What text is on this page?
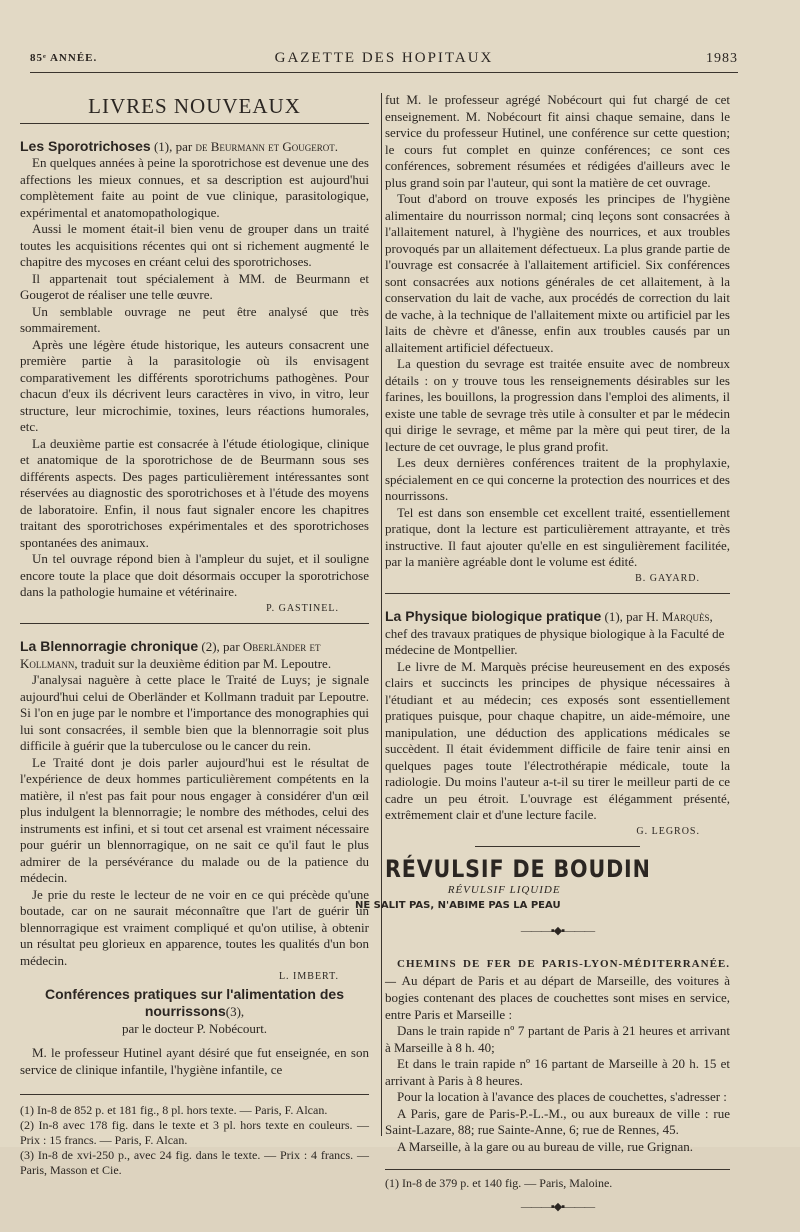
85ᵉ ANNÉE.	GAZETTE DES HOPITAUX	1983
LIVRES NOUVEAUX

Les Sporotrichoses (1), par de Beurmann et Gougerot.

En quelques années à peine la sporotrichose est devenue une des affections les mieux connues, et sa description est aujourd'hui complètement faite au point de vue clinique, parasitologique, expérimental et anatomopathologique.

Aussi le moment était-il bien venu de grouper dans un traité toutes les acquisitions récentes qui ont si richement augmenté le chapitre des mycoses en créant celui des sporotrichoses.

Il appartenait tout spécialement à MM. de Beurmann et Gougerot de réaliser une telle œuvre.

Un semblable ouvrage ne peut être analysé que très sommairement.

Après une légère étude historique, les auteurs consacrent une première partie à la parasitologie où ils envisagent comparativement les différents sporotrichums pathogènes. Pour chacun d'eux ils décrivent leurs caractères in vivo, in vitro, leur structure, leur microchimie, toxines, leurs réactions humorales, etc.

La deuxième partie est consacrée à l'étude étiologique, clinique et anatomique de la sporotrichose de de Beurmann sous ses différents aspects. Des pages particulièrement intéressantes sont réservées au diagnostic des sporotrichoses et à l'étude des moyens de laboratoire. Enfin, il nous faut signaler encore les chapitres traitant des sporotrichoses expérimentales et des sporotrichoses spontanées des animaux.

Un tel ouvrage répond bien à l'ampleur du sujet, et il souligne encore toute la place que doit désormais occuper la sporotrichose dans la pathologie humaine et vétérinaire.

P. GASTINEL.

La Blennorragie chronique (2), par Oberländer et Kollmann, traduit sur la deuxième édition par M. Lepoutre.

J'analysai naguère à cette place le Traité de Luys; je signale aujourd'hui celui de Oberländer et Kollmann traduit par Lepoutre. Si l'on en juge par le nombre et l'importance des monographies qui lui sont consacrées, il semble bien que la blennorragie soit plus difficile à guérir que la tuberculose ou le cancer du rein.

Le Traité dont je dois parler aujourd'hui est le résultat de l'expérience de deux hommes particulièrement compétents en la matière, il n'est pas fait pour nous engager à considérer d'un œil plus indulgent la blennorragie; le nombre des méthodes, celui des instruments est infini, et si tout cet arsenal est vraiment nécessaire pour guérir un blennorragique, on ne sait ce qu'il faut le plus admirer de la persévérance du malade ou de la patience du médecin.

Je prie du reste le lecteur de ne voir en ce qui précède qu'une boutade, car on ne saurait méconnaître que l'art de guérir un blennorragique est vraiment compliqué et qu'on utilise, à obtenir un résultat peu glorieux en apparence, toutes les qualités d'un bon médecin.

L. IMBERT.

Conférences pratiques sur l'alimentation des nourrissons(3),
par le docteur P. Nobécourt.

M. le professeur Hutinel ayant désiré que fut enseignée, en son service de clinique infantile, l'hygiène infantile, ce

(1) In-8 de 852 p. et 181 fig., 8 pl. hors texte. — Paris, F. Alcan.

(2) In-8 avec 178 fig. dans le texte et 3 pl. hors texte en couleurs. — Prix : 15 francs. — Paris, F. Alcan.

(3) In-8 de xvi-250 p., avec 24 fig. dans le texte. — Prix : 4 francs. — Paris, Masson et Cie.

fut M. le professeur agrégé Nobécourt qui fut chargé de cet enseignement. M. Nobécourt fit ainsi chaque semaine, dans le service du professeur Hutinel, une conférence sur cette question; le cours fut complet en quinze conférences; ce sont ces conférences, sobrement résumées et rédigées d'ailleurs avec le plus grand soin par l'auteur, qui sont la matière de cet ouvrage.

Tout d'abord on trouve exposés les principes de l'hygiène alimentaire du nourrisson normal; cinq leçons sont consacrées à l'allaitement naturel, à l'hygiène des nourrices, et aux troubles provoqués par un allaitement défectueux. La plus grande partie de l'ouvrage est consacrée à l'allaitement artificiel. Six conférences sont consacrées aux notions générales de cet allaitement, à la conservation du lait de vache, aux procédés de correction du lait de vache, à la technique de l'allaitement mixte ou artificiel par les laits de chèvre et d'ânesse, enfin aux troubles causés par un allaitement artificiel défectueux.

La question du sevrage est traitée ensuite avec de nombreux détails : on y trouve tous les renseignements désirables sur les farines, les bouillons, la progression dans l'emploi des aliments, il existe une table de sevrage très utile à consulter et par le médecin qui dirige le sevrage, et même par la mère qui peut tirer, de la lecture de cet ouvrage, le plus grand profit.

Les deux dernières conférences traitent de la prophylaxie, spécialement en ce qui concerne la protection des nourrices et des nourrissons.

Tel est dans son ensemble cet excellent traité, essentiellement pratique, dont la lecture est particulièrement attrayante, et très instructive. Il faut ajouter qu'elle en est singulièrement facilitée, par la manière agréable dont le volume est édité.

B. GAYARD.

La Physique biologique pratique (1), par H. Marquès, chef des travaux pratiques de physique biologique à la Faculté de médecine de Montpellier.

Le livre de M. Marquès précise heureusement en des exposés clairs et succincts les principes de physique nécessaires à l'étudiant et au médecin; ces exposés sont essentiellement pratiques puisque, pour chaque chapitre, un aide-mémoire, une manipulation, une déduction des applications médicales se succèdent. Il était évidemment difficile de faire tenir ainsi en quelques pages toute l'électrothérapie médicale, toute la radiologie. Du moins l'auteur a-t-il su tirer le meilleur parti de ce cadre un peu étroit. L'ouvrage est élégamment présenté, extrêmement clair et d'une lecture facile.

G. LEGROS.

RÉVULSIF DE BOUDIN
RÉVULSIF LIQUIDE
NE SALIT PAS, N'ABIME PAS LA PEAU
———▪◆▪———

CHEMINS DE FER DE PARIS-LYON-MÉDITERRANÉE. — Au départ de Paris et au départ de Marseille, des voitures à bogies contenant des places de couchettes sont mises en service, entre Paris et Marseille :

Dans le train rapide nº 7 partant de Paris à 21 heures et arrivant à Marseille à 8 h. 40;

Et dans le train rapide nº 16 partant de Marseille à 20 h. 15 et arrivant à Paris à 8 heures.

Pour la location à l'avance des places de couchettes, s'adresser :

A Paris, gare de Paris-P.-L.-M., ou aux bureaux de ville : rue Saint-Lazare, 88; rue Sainte-Anne, 6; rue de Rennes, 45.

A Marseille, à la gare ou au bureau de ville, rue Grignan.

(1) In-8 de 379 p. et 140 fig. — Paris, Maloine.

———▪◆▪———
